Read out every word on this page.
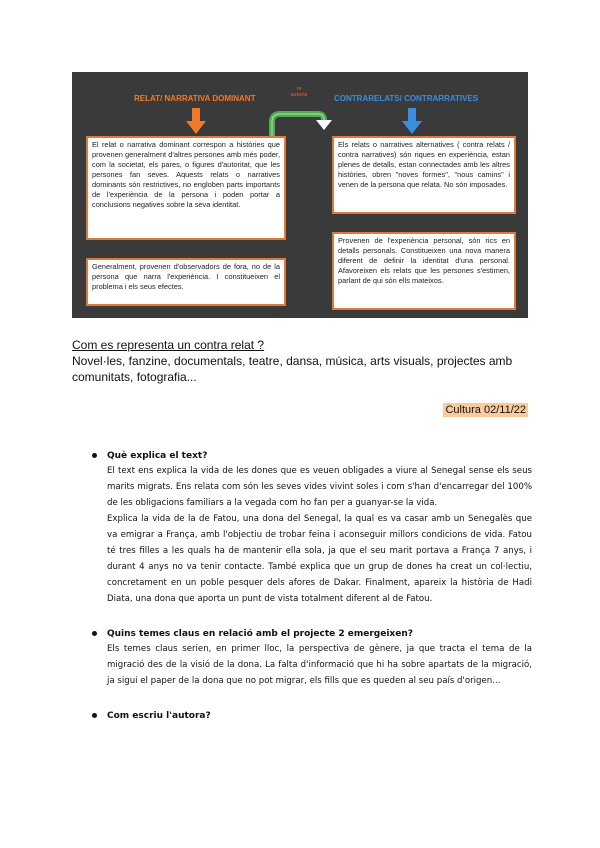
RELAT/ NARRATIVA DOMINANT
re
autoria	CONTRARELATS/ CONTRARRATIVES
El relat o narrativa dominant correspon a històries que provenen generalment d'altres persones amb més poder, com la societat, els pares, o figures d'autoritat, que les persones fan seves. Aquests relats o narratives dominants són restrictives, no engloben parts importants de l'experiència de la persona i poden portar a conclusions negatives sobre la seva identitat.
Generalment, provenen d'observadors de fora, no de la persona que narra l'experiència. I constitueixen el problema i els seus efectes.
Els relats o narratives alternatives ( contra relats / contra narratives) són riques en experiència, estan plenes de detalls, estan connectades amb les altres històries, obren "noves formes", "nous camins" i venen de la persona que relata. No són imposades.
Provenen de l'experiència personal, són rics en detalls personals. Constitueixen una nova manera diferent de definir la identitat d'una personal. Afavoreixen els relats que les persones s'estimen, parlant de qui són ells mateixos.
Com es representa un contra relat ?
Novel·les, fanzine, documentals, teatre, dansa, música, arts visuals, projectes amb comunitats, fotografia...
Cultura 02/11/22
Què explica el text?
El text ens explica la vida de les dones que es veuen obligades a viure al Senegal sense els seus marits migrats. Ens relata com són les seves vides vivint soles i com s'han d'encarregar del 100% de les obligacions familiars a la vegada com ho fan per a guanyar-se la vida.
Explica la vida de la de Fatou, una dona del Senegal, la qual es va casar amb un Senegalès que va emigrar a França, amb l'objectiu de trobar feina i aconseguir millors condicions de vida. Fatou té tres filles a les quals ha de mantenir ella sola, ja que el seu marit portava a França 7 anys, i durant 4 anys no va tenir contacte. També explica que un grup de dones ha creat un col·lectiu, concretament en un poble pesquer dels afores de Dakar. Finalment, apareix la història de Hadi Diata, una dona que aporta un punt de vista totalment diferent al de Fatou.
Quins temes claus en relació amb el projecte 2 emergeixen?
Els temes claus serien, en primer lloc, la perspectiva de gènere, ja que tracta el tema de la migració des de la visió de la dona. La falta d'informació que hi ha sobre apartats de la migració, ja sigui el paper de la dona que no pot migrar, els fills que es queden al seu país d'origen...
Com escriu l'autora?
